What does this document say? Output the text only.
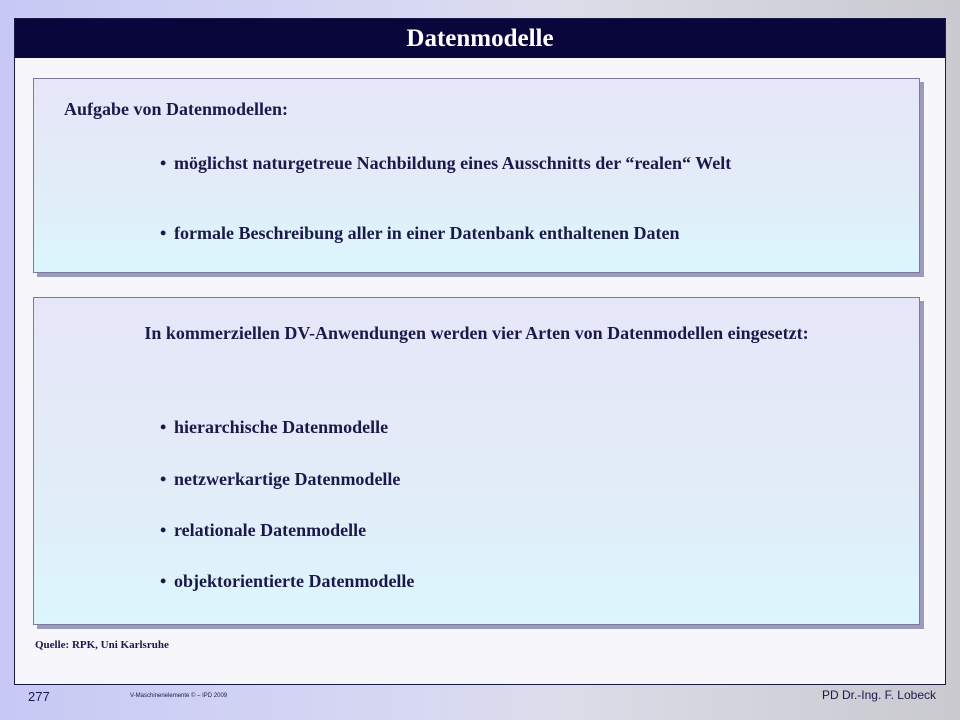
Datenmodelle
Aufgabe von Datenmodellen:
• möglichst naturgetreue Nachbildung eines Ausschnitts der “realen“ Welt
• formale Beschreibung aller in einer Datenbank enthaltenen Daten
In kommerziellen DV-Anwendungen werden vier Arten von Datenmodellen eingesetzt:
• hierarchische Datenmodelle
• netzwerkartige Datenmodelle
• relationale Datenmodelle
• objektorientierte Datenmodelle
Quelle: RPK, Uni Karlsruhe
277	V-Maschinenelemente © – IPD 2009	PD Dr.-Ing. F. Lobeck
